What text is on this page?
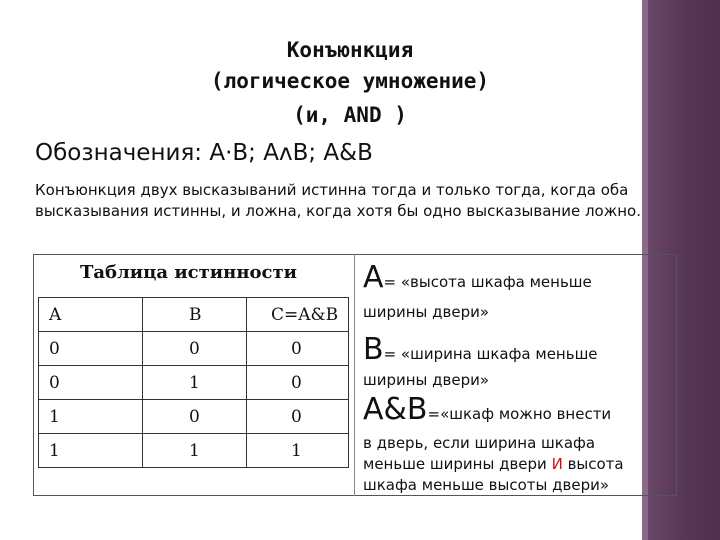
Конъюнкция
(логическое умножение)
(и, AND )
Обозначения: A·B; AʌB; A&B
Конъюнкция двух высказываний истинна тогда и только тогда, когда оба высказывания истинны, и ложна, когда хотя бы одно высказывание ложно.
Таблица истинности
A	B	C=A&B
0	0	0
0	1	0
1	0	0
1	1	1
A= «высота шкафа меньше
ширины двери»
B= «ширина шкафа меньше
ширины двери»
A&B=«шкаф можно внести
в дверь, если ширина шкафа
меньше ширины двери И высота
шкафа меньше высоты двери»
